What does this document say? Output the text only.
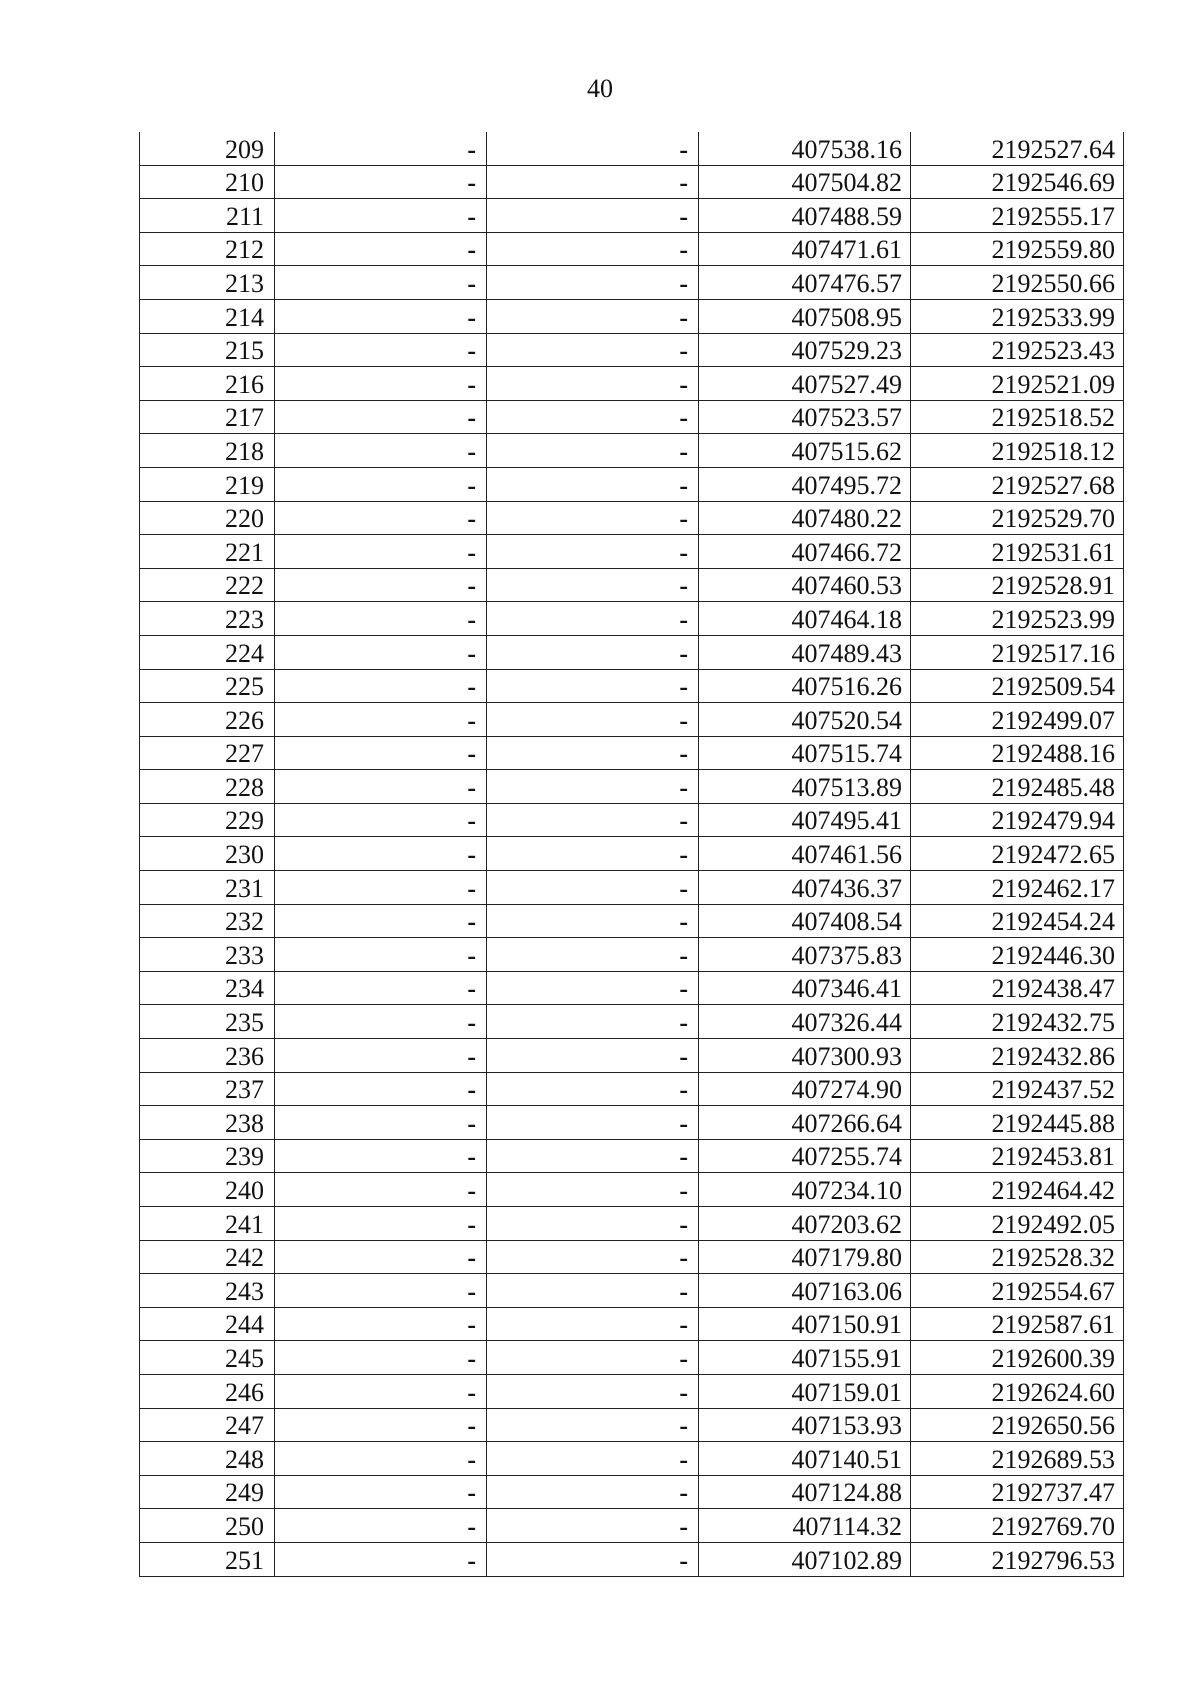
40
209	-	-	407538.16	2192527.64
210	-	-	407504.82	2192546.69
211	-	-	407488.59	2192555.17
212	-	-	407471.61	2192559.80
213	-	-	407476.57	2192550.66
214	-	-	407508.95	2192533.99
215	-	-	407529.23	2192523.43
216	-	-	407527.49	2192521.09
217	-	-	407523.57	2192518.52
218	-	-	407515.62	2192518.12
219	-	-	407495.72	2192527.68
220	-	-	407480.22	2192529.70
221	-	-	407466.72	2192531.61
222	-	-	407460.53	2192528.91
223	-	-	407464.18	2192523.99
224	-	-	407489.43	2192517.16
225	-	-	407516.26	2192509.54
226	-	-	407520.54	2192499.07
227	-	-	407515.74	2192488.16
228	-	-	407513.89	2192485.48
229	-	-	407495.41	2192479.94
230	-	-	407461.56	2192472.65
231	-	-	407436.37	2192462.17
232	-	-	407408.54	2192454.24
233	-	-	407375.83	2192446.30
234	-	-	407346.41	2192438.47
235	-	-	407326.44	2192432.75
236	-	-	407300.93	2192432.86
237	-	-	407274.90	2192437.52
238	-	-	407266.64	2192445.88
239	-	-	407255.74	2192453.81
240	-	-	407234.10	2192464.42
241	-	-	407203.62	2192492.05
242	-	-	407179.80	2192528.32
243	-	-	407163.06	2192554.67
244	-	-	407150.91	2192587.61
245	-	-	407155.91	2192600.39
246	-	-	407159.01	2192624.60
247	-	-	407153.93	2192650.56
248	-	-	407140.51	2192689.53
249	-	-	407124.88	2192737.47
250	-	-	407114.32	2192769.70
251	-	-	407102.89	2192796.53
